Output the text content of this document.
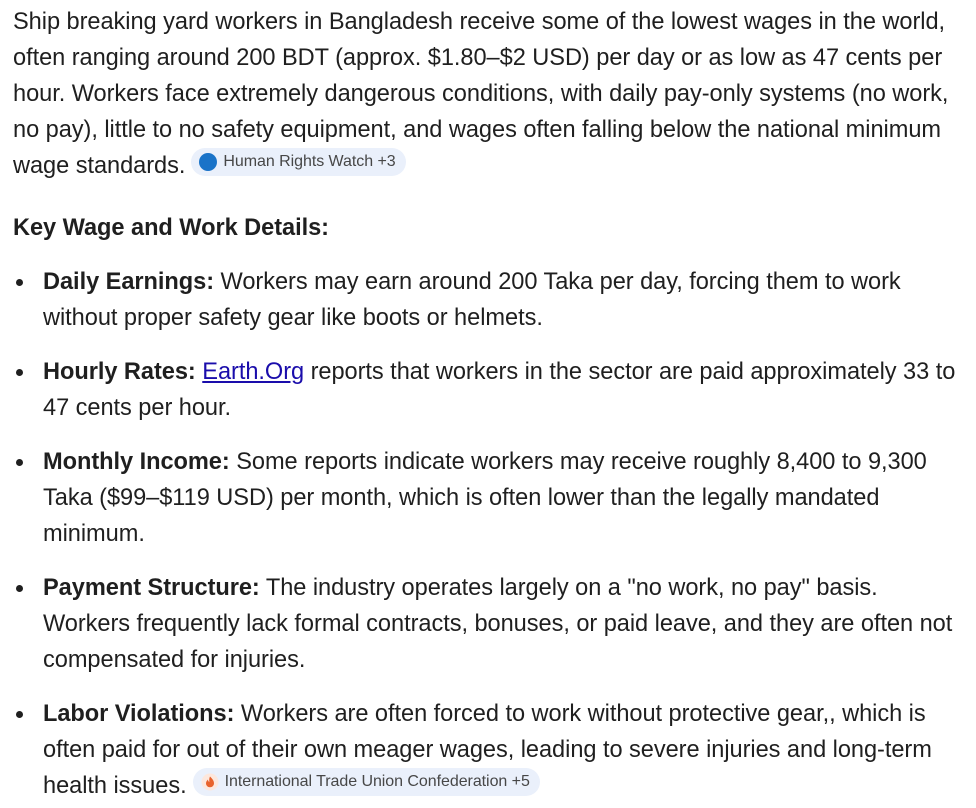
Ship breaking yard workers in Bangladesh receive some of the lowest wages in the world, often ranging around 200 BDT (approx. $1.80–$2 USD) per day or as low as 47 cents per hour. Workers face extremely dangerous conditions, with daily pay-only systems (no work, no pay), little to no safety equipment, and wages often falling below the national minimum wage standards. Human Rights Watch +3

Key Wage and Work Details:

Daily Earnings: Workers may earn around 200 Taka per day, forcing them to work without proper safety gear like boots or helmets.
Hourly Rates: Earth.Org reports that workers in the sector are paid approximately 33 to 47 cents per hour.
Monthly Income: Some reports indicate workers may receive roughly 8,400 to 9,300 Taka ($99–$119 USD) per month, which is often lower than the legally mandated minimum.
Payment Structure: The industry operates largely on a "no work, no pay" basis. Workers frequently lack formal contracts, bonuses, or paid leave, and they are often not compensated for injuries.
Labor Violations: Workers are often forced to work without protective gear,, which is often paid for out of their own meager wages, leading to severe injuries and long-term health issues. International Trade Union Confederation +5
